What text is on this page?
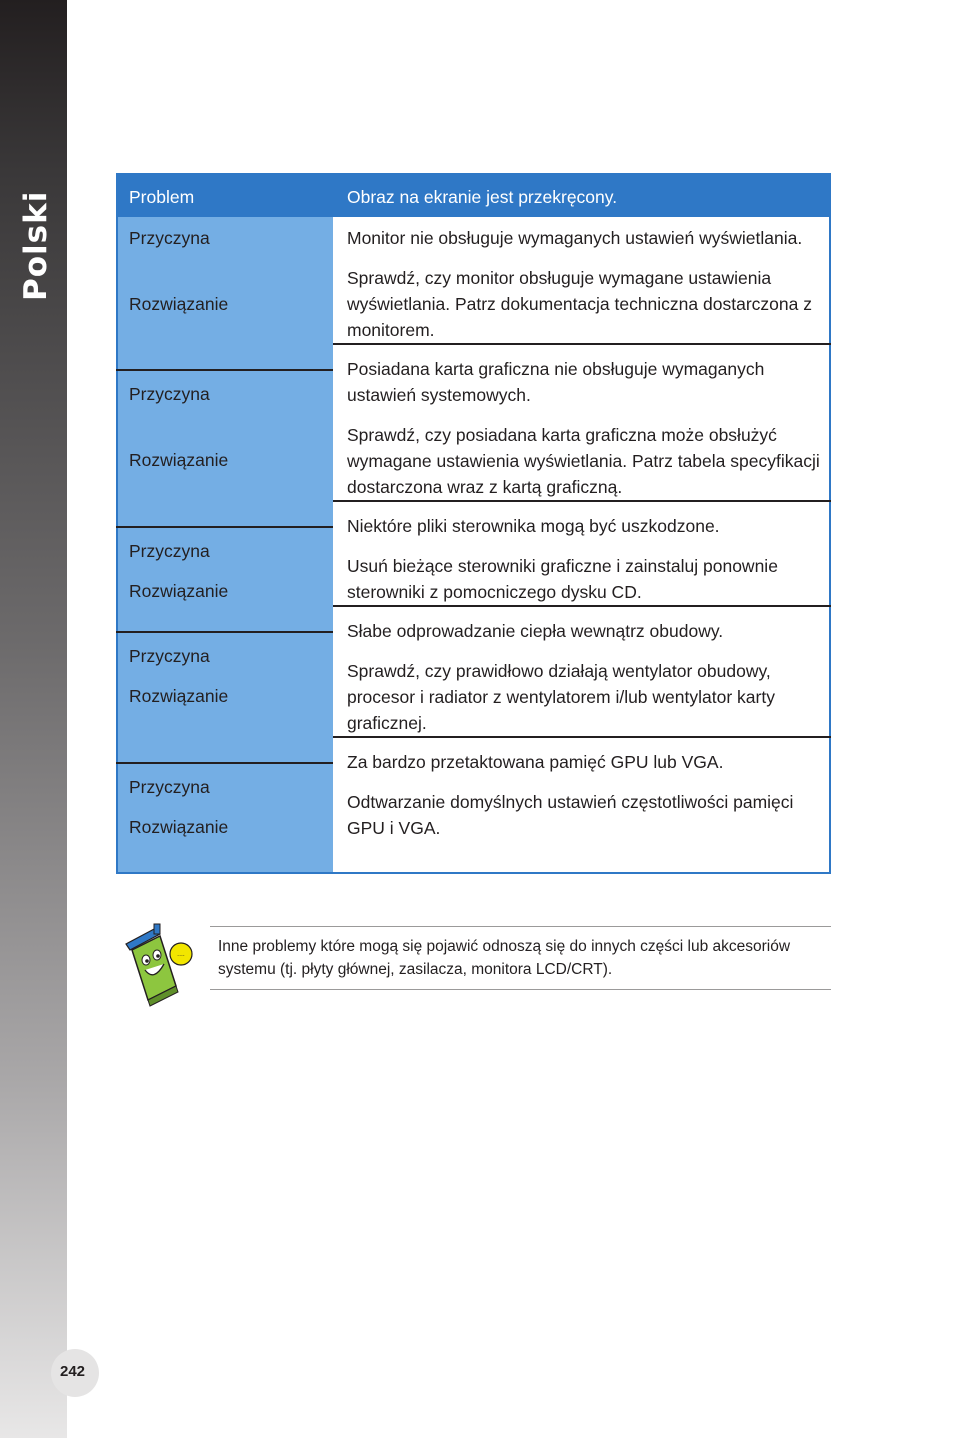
Polski
242
Problem	Obraz na ekranie jest przekręcony.
Przyczyna
Rozwiązanie
Monitor nie obsługuje wymaganych ustawień wyświetlania.
Sprawdź, czy monitor obsługuje wymagane ustawienia wyświetlania. Patrz dokumentacja techniczna dostarczona z monitorem.
Przyczyna
Rozwiązanie
Posiadana karta graficzna nie obsługuje wymaganych ustawień systemowych.
Sprawdź, czy posiadana karta graficzna może obsłużyć wymagane ustawienia wyświetlania. Patrz tabela specyfikacji dostarczona wraz z kartą graficzną.
Przyczyna
Rozwiązanie
Niektóre pliki sterownika mogą być uszkodzone.
Usuń bieżące sterowniki graficzne i zainstaluj ponownie sterowniki z pomocniczego dysku CD.
Przyczyna
Rozwiązanie
Słabe odprowadzanie ciepła wewnątrz obudowy.
Sprawdź, czy prawidłowo działają wentylator obudowy, procesor i radiator z wentylatorem i/lub wentylator karty graficznej.
Przyczyna
Rozwiązanie
Za bardzo przetaktowana pamięć GPU lub VGA.
Odtwarzanie domyślnych ustawień częstotliwości pamięci GPU i VGA.
Inne problemy które mogą się pojawić odnoszą się do innych części lub akcesoriów systemu (tj. płyty głównej, zasilacza, monitora LCD/CRT).
....
